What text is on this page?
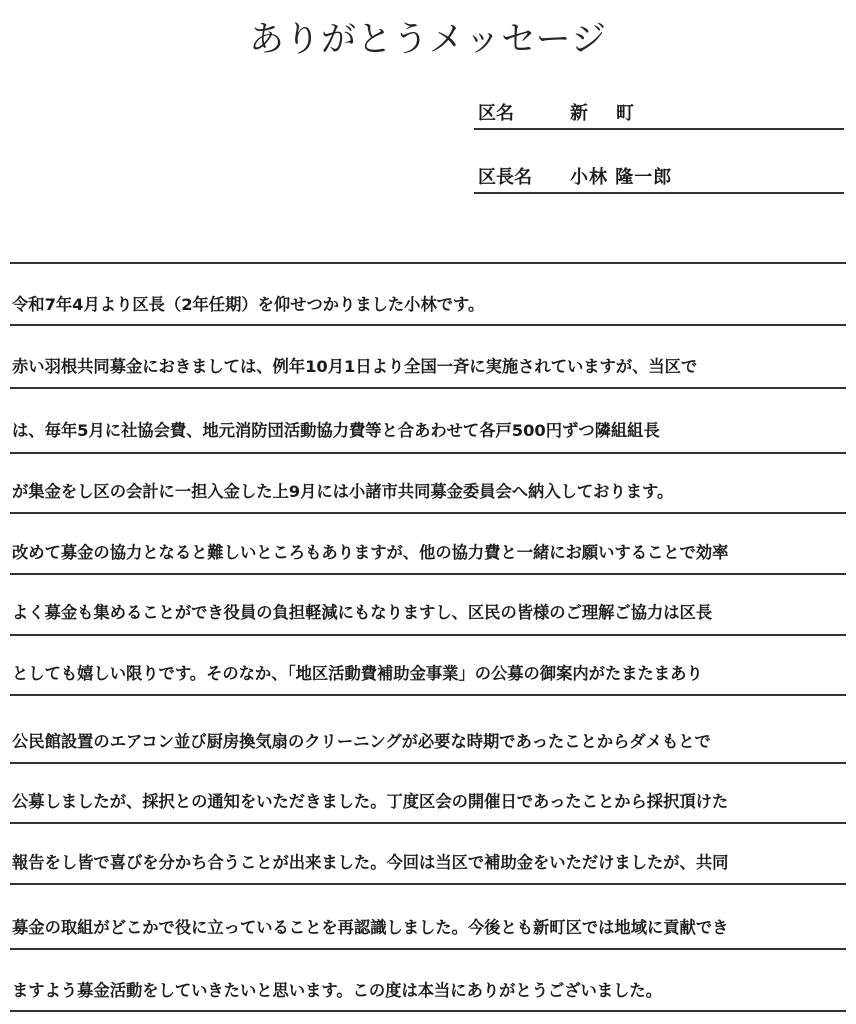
ありがとうメッセージ
区名	新町
区長名 小林 隆一郎
令和7年4月より区長（2年任期）を仰せつかりました小林です。
赤い羽根共同募金におきましては、例年10月1日より全国一斉に実施されていますが、当区で
は、毎年5月に社協会費、地元消防団活動協力費等と合あわせて各戸500円ずつ隣組組長
が集金をし区の会計に一担入金した上9月には小諸市共同募金委員会へ納入しております。
改めて募金の協力となると難しいところもありますが、他の協力費と一緒にお願いすることで効率
よく募金も集めることができ役員の負担軽減にもなりますし、区民の皆様のご理解ご協力は区長
としても嬉しい限りです。そのなか、「地区活動費補助金事業」の公募の御案内がたまたまあり
公民館設置のエアコン並び厨房換気扇のクリーニングが必要な時期であったことからダメもとで
公募しましたが、採択との通知をいただきました。丁度区会の開催日であったことから採択頂けた
報告をし皆で喜びを分かち合うことが出来ました。今回は当区で補助金をいただけましたが、共同
募金の取組がどこかで役に立っていることを再認識しました。今後とも新町区では地域に貢献でき
ますよう募金活動をしていきたいと思います。この度は本当にありがとうございました。
